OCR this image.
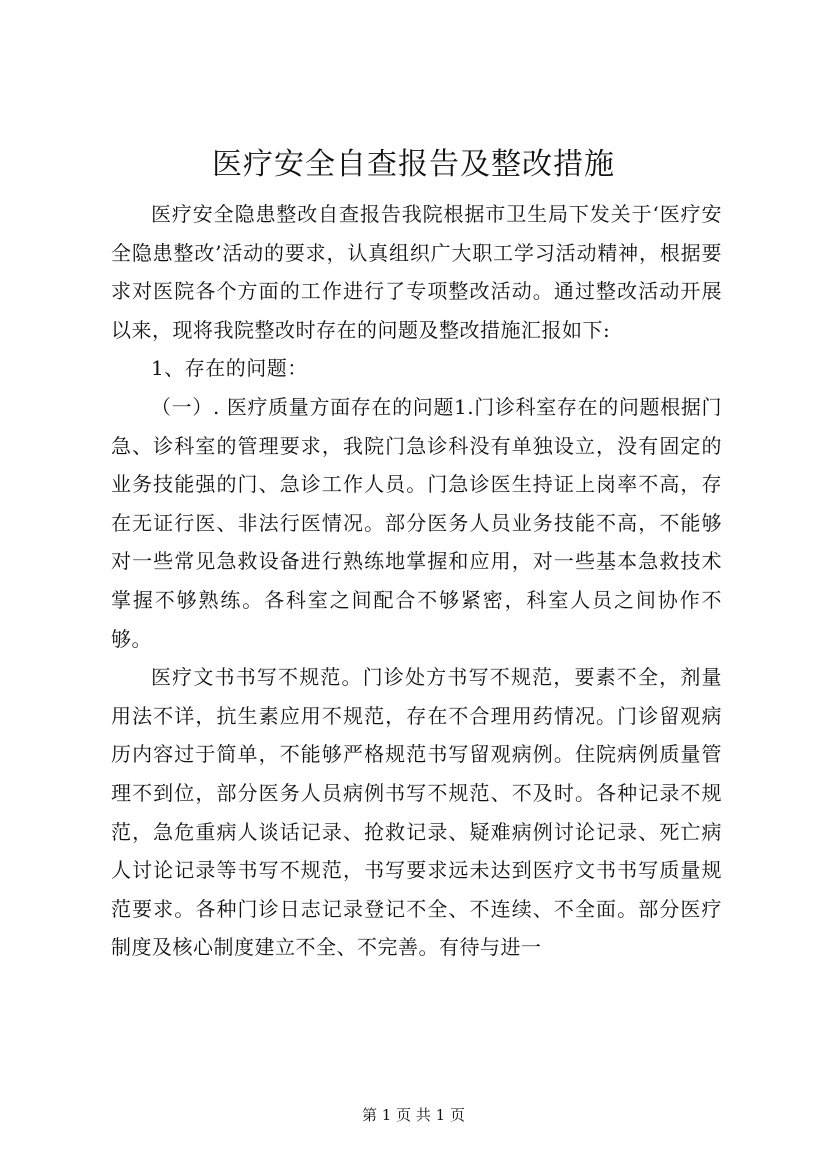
医疗安全自查报告及整改措施

医疗安全隐患整改自查报告我院根据市卫生局下发关于‘医疗安全隐患整改’活动的要求，认真组织广大职工学习活动精神，根据要求对医院各个方面的工作进行了专项整改活动。通过整改活动开展以来，现将我院整改时存在的问题及整改措施汇报如下:

1、存在的问题：

（一）. 医疗质量方面存在的问题1.门诊科室存在的问题根据门急、诊科室的管理要求，我院门急诊科没有单独设立，没有固定的业务技能强的门、急诊工作人员。门急诊医生持证上岗率不高，存在无证行医、非法行医情况。部分医务人员业务技能不高，不能够对一些常见急救设备进行熟练地掌握和应用，对一些基本急救技术掌握不够熟练。各科室之间配合不够紧密，科室人员之间协作不够。

医疗文书书写不规范。门诊处方书写不规范，要素不全，剂量用法不详，抗生素应用不规范，存在不合理用药情况。门诊留观病历内容过于简单，不能够严格规范书写留观病例。住院病例质量管理不到位，部分医务人员病例书写不规范、不及时。各种记录不规范，急危重病人谈话记录、抢救记录、疑难病例讨论记录、死亡病人讨论记录等书写不规范，书写要求远未达到医疗文书书写质量规范要求。各种门诊日志记录登记不全、不连续、不全面。部分医疗制度及核心制度建立不全、不完善。有待与进一

第 1 页 共 1 页
